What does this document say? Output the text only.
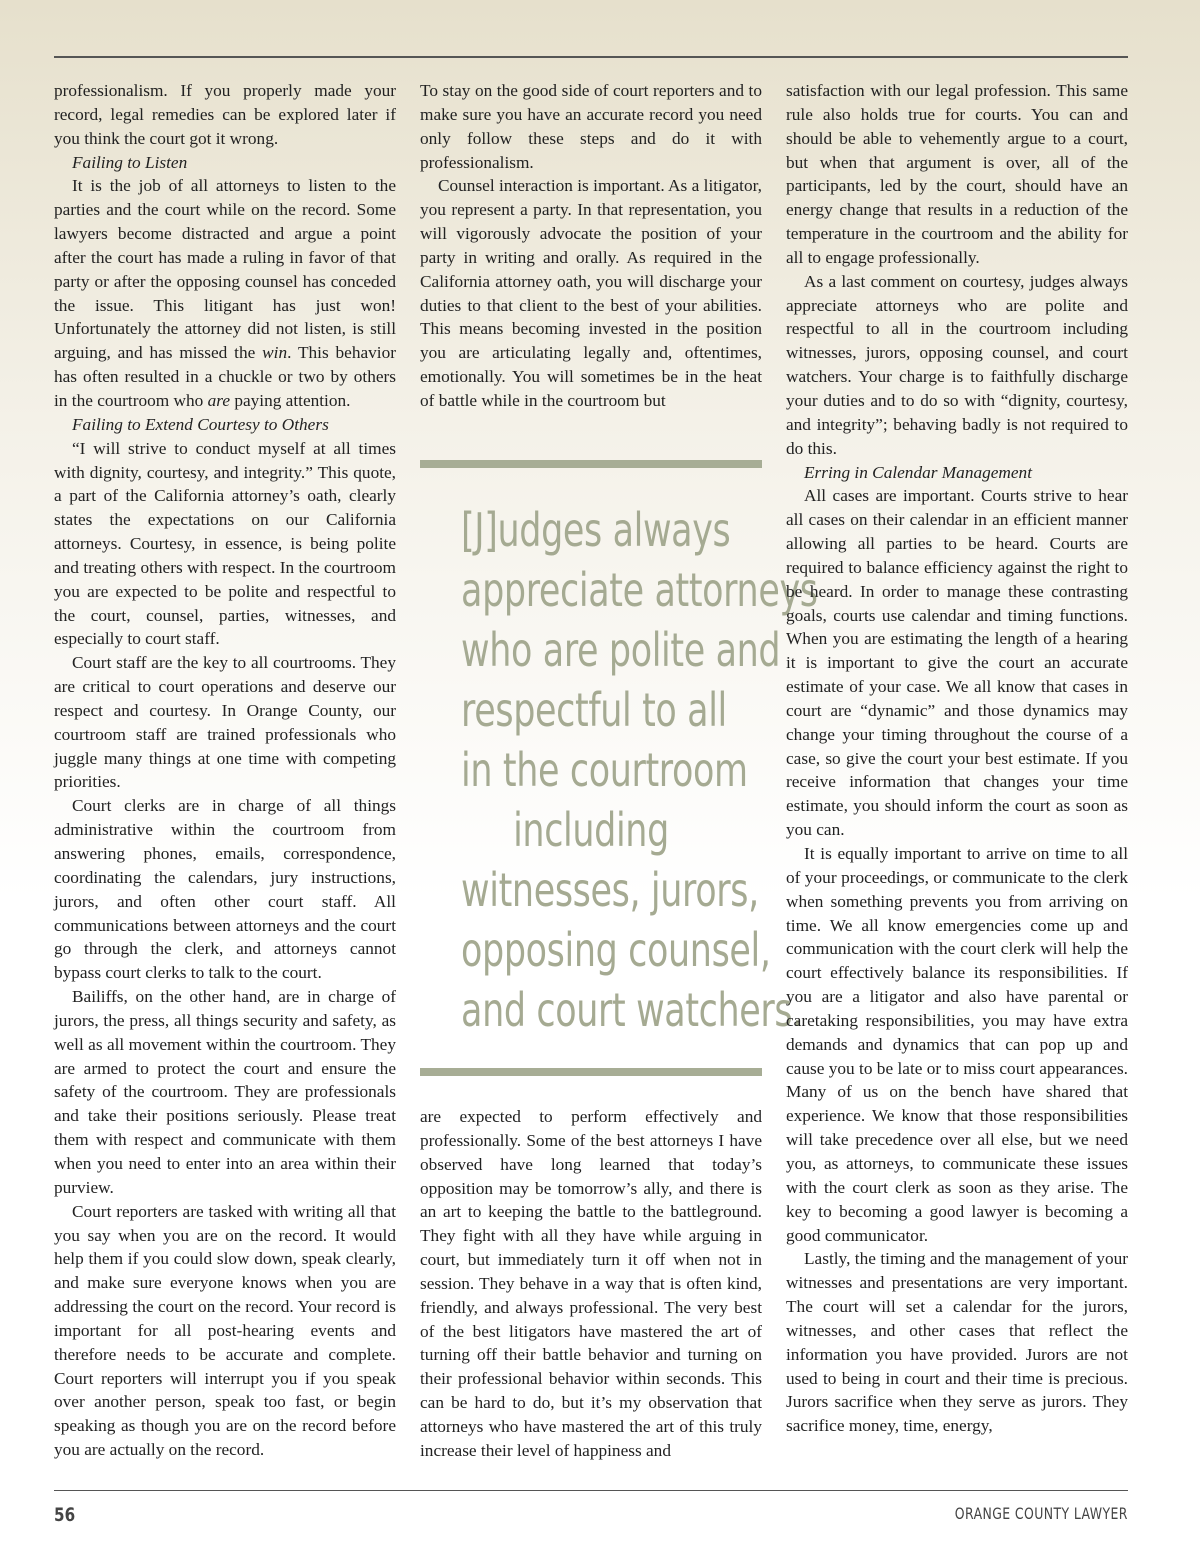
professionalism. If you properly made your record, legal remedies can be explored later if you think the court got it wrong.

Failing to Listen

It is the job of all attorneys to listen to the parties and the court while on the record. Some lawyers become distracted and argue a point after the court has made a ruling in favor of that party or after the opposing counsel has conceded the issue. This litigant has just won! Unfortunately the attorney did not listen, is still arguing, and has missed the win. This behavior has often resulted in a chuckle or two by others in the courtroom who are paying attention.

Failing to Extend Courtesy to Others

“I will strive to conduct myself at all times with dignity, courtesy, and integrity.” This quote, a part of the California attorney’s oath, clearly states the expectations on our California attorneys. Courtesy, in essence, is being polite and treating others with respect. In the courtroom you are expected to be polite and respectful to the court, counsel, parties, witnesses, and especially to court staff.

Court staff are the key to all courtrooms. They are critical to court operations and deserve our respect and courtesy. In Orange County, our courtroom staff are trained professionals who juggle many things at one time with competing priorities.

Court clerks are in charge of all things administrative within the courtroom from answering phones, emails, correspondence, coordinating the calendars, jury instructions, jurors, and often other court staff. All communications between attorneys and the court go through the clerk, and attorneys cannot bypass court clerks to talk to the court.

Bailiffs, on the other hand, are in charge of jurors, the press, all things security and safety, as well as all movement within the courtroom. They are armed to protect the court and ensure the safety of the courtroom. They are professionals and take their positions seriously. Please treat them with respect and communicate with them when you need to enter into an area within their purview.

Court reporters are tasked with writing all that you say when you are on the record. It would help them if you could slow down, speak clearly, and make sure everyone knows when you are addressing the court on the record. Your record is important for all post-hearing events and therefore needs to be accurate and complete. Court reporters will interrupt you if you speak over another person, speak too fast, or begin speaking as though you are on the record before you are actually on the record.

To stay on the good side of court reporters and to make sure you have an accurate record you need only follow these steps and do it with professionalism.

Counsel interaction is important. As a litigator, you represent a party. In that representation, you will vigorously advocate the position of your party in writing and orally. As required in the California attorney oath, you will discharge your duties to that client to the best of your abilities. This means becoming invested in the position you are articulating legally and, oftentimes, emotionally. You will sometimes be in the heat of battle while in the courtroom but

[J]udges always
appreciate attorneys
who are polite and
respectful to all
in the courtroom
including
witnesses, jurors,
opposing counsel,
and court watchers.

are expected to perform effectively and professionally. Some of the best attorneys I have observed have long learned that today’s opposition may be tomorrow’s ally, and there is an art to keeping the battle to the battleground. They fight with all they have while arguing in court, but immediately turn it off when not in session. They behave in a way that is often kind, friendly, and always professional. The very best of the best litigators have mastered the art of turning off their battle behavior and turning on their professional behavior within seconds. This can be hard to do, but it’s my observation that attorneys who have mastered the art of this truly increase their level of happiness and

satisfaction with our legal profession. This same rule also holds true for courts. You can and should be able to vehemently argue to a court, but when that argument is over, all of the participants, led by the court, should have an energy change that results in a reduction of the temperature in the courtroom and the ability for all to engage professionally.

As a last comment on courtesy, judges always appreciate attorneys who are polite and respectful to all in the courtroom including witnesses, jurors, opposing counsel, and court watchers. Your charge is to faithfully discharge your duties and to do so with “dignity, courtesy, and integrity”; behaving badly is not required to do this.

Erring in Calendar Management

All cases are important. Courts strive to hear all cases on their calendar in an efficient manner allowing all parties to be heard. Courts are required to balance efficiency against the right to be heard. In order to manage these contrasting goals, courts use calendar and timing functions. When you are estimating the length of a hearing it is important to give the court an accurate estimate of your case. We all know that cases in court are “dynamic” and those dynamics may change your timing throughout the course of a case, so give the court your best estimate. If you receive information that changes your time estimate, you should inform the court as soon as you can.

It is equally important to arrive on time to all of your proceedings, or communicate to the clerk when something prevents you from arriving on time. We all know emergencies come up and communication with the court clerk will help the court effectively balance its responsibilities. If you are a litigator and also have parental or caretaking responsibilities, you may have extra demands and dynamics that can pop up and cause you to be late or to miss court appearances. Many of us on the bench have shared that experience. We know that those responsibilities will take precedence over all else, but we need you, as attorneys, to communicate these issues with the court clerk as soon as they arise. The key to becoming a good lawyer is becoming a good communicator.

Lastly, the timing and the management of your witnesses and presentations are very important. The court will set a calendar for the jurors, witnesses, and other cases that reflect the information you have provided. Jurors are not used to being in court and their time is precious. Jurors sacrifice when they serve as jurors. They sacrifice money, time, energy,

56	ORANGE COUNTY LAWYER
